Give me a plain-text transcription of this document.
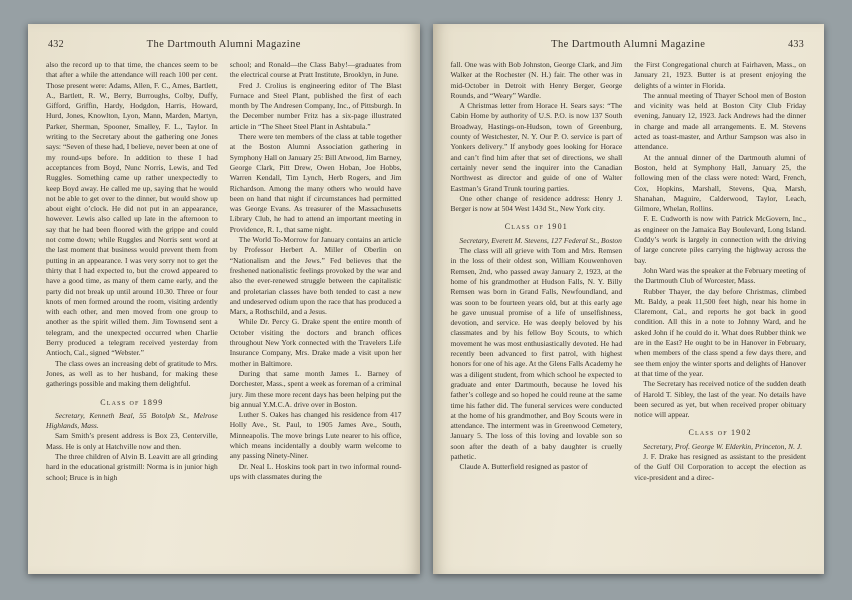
432	The Dartmouth Alumni Magazine

also the record up to that time, the chances seem to be that after a while the attendance will reach 100 per cent. Those present were: Adams, Allen, F. C., Ames, Bartlett, A., Bartlett, R. W., Berry, Burroughs, Colby, Duffy, Gifford, Griffin, Hardy, Hodgdon, Harris, Howard, Hurd, Jones, Knowlton, Lyon, Mann, Marden, Martyn, Parker, Sherman, Spooner, Smalley, F. L., Taylor. In writing to the Secretary about the gathering one Jones says: “Seven of these had, I believe, never been at one of my round-ups before. In addition to these I had acceptances from Boyd, Nunc Norris, Lewis, and Ted Ruggles. Something came up rather unexpectedly to keep Boyd away. He called me up, saying that he would not be able to get over to the dinner, but would show up about eight o’clock. He did not put in an appearance, however. Lewis also called up late in the afternoon to say that he had been floored with the grippe and could not come down; while Ruggles and Norris sent word at the last moment that business would prevent them from putting in an appearance. I was very sorry not to get the thirty that I had expected to, but the crowd appeared to have a good time, as many of them came early, and the party did not break up until around 10.30. Three or four knots of men formed around the room, visiting ardently with each other, and men moved from one group to another as the spirit willed them. Jim Townsend sent a telegram, and the unexpected occurred when Charlie Berry produced a telegram received yesterday from Antioch, Cal., signed “Webster.”

The class owes an increasing debt of gratitude to Mrs. Jones, as well as to her husband, for making these gatherings possible and making them delightful.

Class of 1899

Secretary, Kenneth Beal, 55 Botolph St., Melrose Highlands, Mass.

Sam Smith’s present address is Box 23, Centerville, Mass. He is only at Hatchville now and then.

The three children of Alvin B. Leavitt are all grinding hard in the educational gristmill: Norma is in junior high school; Bruce is in high

school; and Ronald—the Class Baby!—graduates from the electrical course at Pratt Institute, Brooklyn, in June.

Fred J. Crolius is engineering editor of The Blast Furnace and Steel Plant, published the first of each month by The Andresen Company, Inc., of Pittsburgh. In the December number Fritz has a six-page illustrated article in “The Sheet Steel Plant in Ashtabula.”

There were ten members of the class at table together at the Boston Alumni Association gathering in Symphony Hall on January 25: Bill Atwood, Jim Barney, George Clark, Pitt Drew, Owen Hoban, Joe Hobbs, Warren Kendall, Tim Lynch, Herb Rogers, and Jim Richardson. Among the many others who would have been on hand that night if circumstances had permitted was George Evans. As treasurer of the Massachusetts Library Club, he had to attend an important meeting in Providence, R. I., that same night.

The World To-Morrow for January contains an article by Professor Herbert A. Miller of Oberlin on “Nationalism and the Jews.” Fed believes that the freshened nationalistic feelings provoked by the war and also the ever-renewed struggle between the capitalistic and proletarian classes have both tended to cast a new and undeserved odium upon the race that has produced a Marx, a Rothschild, and a Jesus.

While Dr. Percy G. Drake spent the entire month of October visiting the doctors and branch offices throughout New York connected with the Travelers Life Insurance Company, Mrs. Drake made a visit upon her mother in Baltimore.

During that same month James L. Barney of Dorchester, Mass., spent a week as foreman of a criminal jury. Jim these more recent days has been helping put the big annual Y.M.C.A. drive over in Boston.

Luther S. Oakes has changed his residence from 417 Holly Ave., St. Paul, to 1905 James Ave., South, Minneapolis. The move brings Lute nearer to his office, which means incidentally a doubly warm welcome to any passing Ninety-Niner.

Dr. Neal L. Hoskins took part in two informal round-ups with classmates during the

The Dartmouth Alumni Magazine	433

fall. One was with Bob Johnston, George Clark, and Jim Walker at the Rochester (N. H.) fair. The other was in mid-October in Detroit with Henry Berger, George Rounds, and “Weary” Wardle.

A Christmas letter from Horace H. Sears says: “The Cabin Home by authority of U.S. P.O. is now 137 South Broadway, Hastings-on-Hudson, town of Greenburg, county of Westchester, N. Y. Our P. O. service is part of Yonkers delivery.” If anybody goes looking for Horace and can’t find him after that set of directions, we shall certainly never send the inquirer into the Canadian Northwest as director and guide of one of Walter Eastman’s Grand Trunk touring parties.

One other change of residence address: Henry J. Berger is now at 504 West 143d St., New York city.

Class of 1901

Secretary, Everett M. Stevens, 127 Federal St., Boston

The class will all grieve with Tom and Mrs. Remsen in the loss of their oldest son, William Kouwenhoven Remsen, 2nd, who passed away January 2, 1923, at the home of his grandmother at Hudson Falls, N. Y. Billy Remsen was born in Grand Falls, Newfoundland, and was soon to be fourteen years old, but at this early age he gave unusual promise of a life of unselfishness, devotion, and service. He was deeply beloved by his classmates and by his fellow Boy Scouts, to which movement he was most enthusiastically devoted. He had recently been advanced to first patrol, with highest honors for one of his age. At the Glens Falls Academy he was a diligent student, from which school he expected to graduate and enter Dartmouth, because he loved his father’s college and so hoped he could reune at the same time his father did. The funeral services were conducted at the home of his grandmother, and Boy Scouts were in attendance. The interment was in Greenwood Cemetery, January 5. The loss of this loving and lovable son so soon after the death of a baby daughter is cruelly pathetic.

Claude A. Butterfield resigned as pastor of

the First Congregational church at Fairhaven, Mass., on January 21, 1923. Butter is at present enjoying the delights of a winter in Florida.

The annual meeting of Thayer School men of Boston and vicinity was held at Boston City Club Friday evening, January 12, 1923. Jack Andrews had the dinner in charge and made all arrangements. E. M. Stevens acted as toast-master, and Arthur Sampson was also in attendance.

At the annual dinner of the Dartmouth alumni of Boston, held at Symphony Hall, January 25, the following men of the class were noted: Ward, French, Cox, Hopkins, Marshall, Stevens, Qua, Marsh, Shanahan, Maguire, Calderwood, Taylor, Leach, Gilmore, Whelan, Rollins.

F. E. Cudworth is now with Patrick McGovern, Inc., as engineer on the Jamaica Bay Boulevard, Long Island. Cuddy’s work is largely in connection with the driving of large concrete piles carrying the highway across the bay.

John Ward was the speaker at the February meeting of the Dartmouth Club of Worcester, Mass.

Rubber Thayer, the day before Christmas, climbed Mt. Baldy, a peak 11,500 feet high, near his home in Claremont, Cal., and reports he got back in good condition. All this in a note to Johnny Ward, and he asked John if he could do it. What does Rubber think we are in the East? He ought to be in Hanover in February, when members of the class spend a few days there, and see them enjoy the winter sports and delights of Hanover at that time of the year.

The Secretary has received notice of the sudden death of Harold T. Sibley, the last of the year. No details have been secured as yet, but when received proper obituary notice will appear.

Class of 1902

Secretary, Prof. George W. Elderkin, Princeton, N. J.

J. F. Drake has resigned as assistant to the president of the Gulf Oil Corporation to accept the election as vice-president and a direc-
